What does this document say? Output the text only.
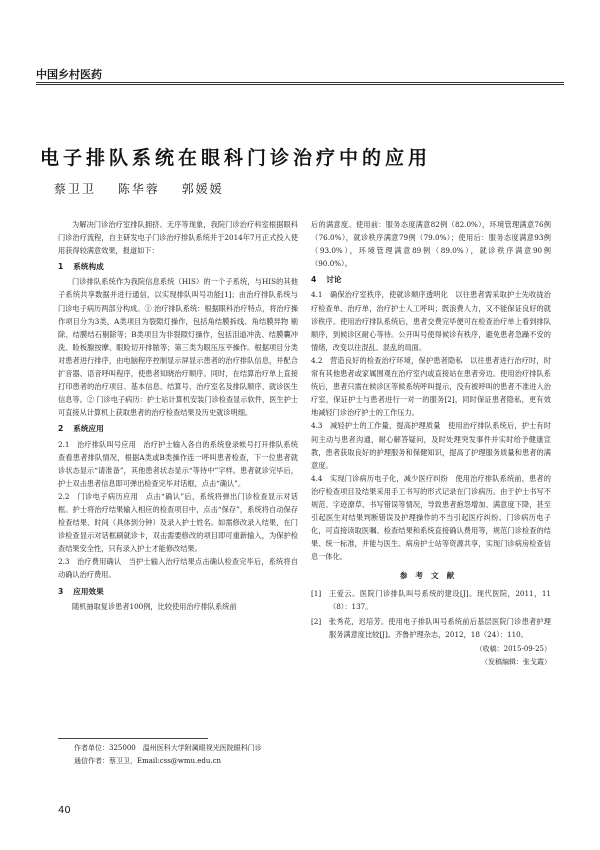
中国乡村医药
电子排队系统在眼科门诊治疗中的应用
蔡卫卫 陈华蓉 郭媛媛

为解决门诊治疗室排队拥挤、无序等现象，我院门诊治疗科室根据眼科门诊治疗流程，自主研发电子门诊治疗排队系统并于2014年7月正式投入使用获得较满意效果，报道如下：

1 系统构成

门诊排队系统作为我院信息系统（HIS）的一个子系统，与HIS的其他子系统共享数据并进行通信，以实现排队叫号功能[1]；由治疗排队系统与门诊电子病历两部分构成。① 治疗排队系统：根据眼科治疗特点，将治疗操作项目分为3类，A类项目为裂隙灯操作，包括角结膜拆线、角结膜异物 剔除、结膜结石剔除等；B类项目为非裂隙灯操作，包括泪道冲洗、结膜囊冲洗、睑板腺按摩、眼睑切开排脓等；第三类为眼压压平操作。根据项目分类对患者进行排序，由电脑程序控制显示屏显示患者的治疗排队信息，并配合扩音器、语音呼叫程序，使患者知晓治疗顺序。同时，在结算治疗单上直接打印患者的治疗项目、基本信息、结算号、治疗室名及排队顺序、就诊医生信息等。② 门诊电子病历：护士站计算机安装门诊检查显示软件，医生护士可直接从计算机上获取患者的治疗检查结果及历史就诊明细。

2 系统应用

2.1　治疗排队叫号应用　治疗护士输入各自的系统登录帐号打开排队系统查看患者排队情况，根据A类或B类操作连一呼叫患者检查，下一位患者就诊状态显示“请准备”，其他患者状态显示“等待中”字样。患者就诊完毕后，护士双击患者信息即可弹出检查完毕对话框，点击“确认”。

2.2　门诊电子病历应用　点击“确认”后，系统将弹出门诊检查显示对话框。护士将治疗结果输入相应的检查项目中，点击“保存”，系统将自动保存检查结果、时间（具体到分钟）及录入护士姓名。如需修改录入结果，在门诊检查显示对话框刷就诊卡，双击需要修改的项目即可重新输入，为保护检查结果安全性，只有录入护士才能修改结果。

2.3　治疗费用确认　当护士输入治疗结果点击确认检查完毕后，系统将自动确认治疗费用。

3 应用效果

随机抽取复诊患者100例，比较使用治疗排队系统前

作者单位：325000　温州医科大学附属眼视光医院眼科门诊
通信作者：蔡卫卫，Email:css@wmu.edu.cn

后的满意度。使用前：服务态度满意82例（82.0%），环境管理满意76例（76.0%），就诊秩序满意79例（79.0%）；使用后：服务态度满意93例（93.0%），环境管理满意89例（89.0%），就诊秩序满意90例（90.0%）。

4 讨论

4.1　确保治疗室秩序，使就诊顺序透明化　以往患者需采取护士先收拢治疗检查单、治疗单，治疗护士人工呼叫；既浪费人力，又不能保证良好的就诊秩序。使用治疗排队系统后，患者交费完毕便可在检查治疗单上看到排队顺序，到候诊区耐心等待。公开叫号使得候诊有秩序，避免患者急躁不安的情绪，改变以往混乱、混乱的局面。

4.2　营造良好的检查治疗环境，保护患者隐私　以往患者进行治疗时，时常有其他患者或家属围观在治疗室内或直接站在患者旁边。使用治疗排队系统后，患者只需在候诊区等候系统呼叫提示，没有被呼叫的患者不准进入治疗室，保证护士与患者进行一对一的服务[2]，同时保证患者隐私，更有效地减轻门诊治疗护士的工作压力。

4.3　减轻护士的工作量，提高护理质量　使用治疗排队系统后，护士有时间主动与患者沟通，耐心解答疑问，及时处理突发事件并实时给予健康宣教，患者获取良好的护理服务和保健知识，提高了护理服务质量和患者的满意度。

4.4　实现门诊病历电子化，减少医疗纠纷　使用治疗排队系统前，患者的治疗检查项目及结果采用手工书写的形式记录在门诊病历。由于护士书写不规范、字迹潦草、书写错误等情况，导致患者抱怨增加、满意度下降，甚至引起医生对结果判断错误及护理操作的不当引起医疗纠纷。门诊病历电子化，可直接读取医嘱、检查结果和系统直接确认费用等，规范门诊检查的结果、统一标准，并能与医生、病房护士站等资源共享，实现门诊病房检查信息一体化。

参考文献
[1]	王爱云。医院门诊排队叫号系统的建设[J]。现代医院，2011，11（8）：137。
[2]	张秀花，迟培芳。使用电子排队叫号系统前后基层医院门诊患者护理服务满意度比较[J]。齐鲁护理杂志，2012，18（24）：110。
（收稿：2015-09-25）
（发稿编辑：张戈霞）
40
